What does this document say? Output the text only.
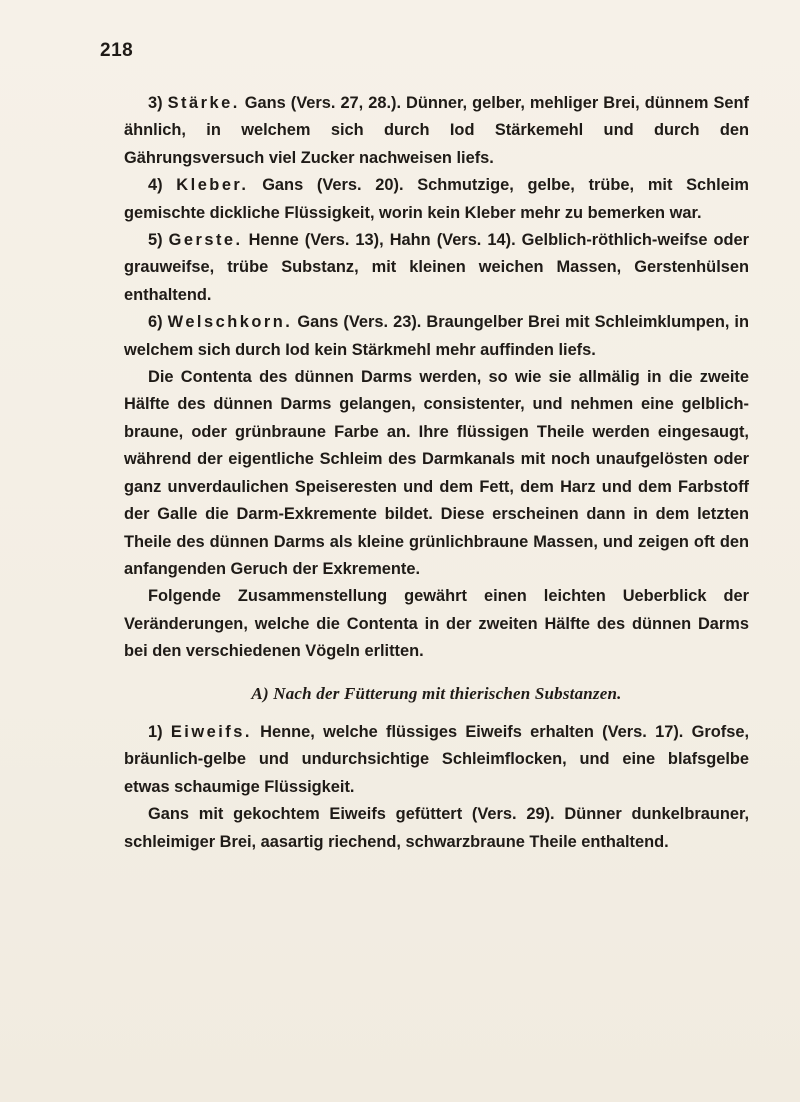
218

3) Stärke. Gans (Vers. 27, 28.). Dünner, gelber, mehliger Brei, dünnem Senf ähnlich, in welchem sich durch Iod Stärkemehl und durch den Gährungsversuch viel Zucker nachweisen liefs.

4) Kleber. Gans (Vers. 20). Schmutzige, gelbe, trübe, mit Schleim gemischte dickliche Flüssigkeit, worin kein Kleber mehr zu bemerken war.

5) Gerste. Henne (Vers. 13), Hahn (Vers. 14). Gelblich-röthlich-weifse oder grauweifse, trübe Substanz, mit kleinen weichen Massen, Gerstenhülsen enthaltend.

6) Welschkorn. Gans (Vers. 23). Braungelber Brei mit Schleimklumpen, in welchem sich durch Iod kein Stärkmehl mehr auffinden liefs.

Die Contenta des dünnen Darms werden, so wie sie allmälig in die zweite Hälfte des dünnen Darms gelangen, consistenter, und nehmen eine gelblich-braune, oder grünbraune Farbe an. Ihre flüssigen Theile werden eingesaugt, während der eigentliche Schleim des Darmkanals mit noch unaufgelösten oder ganz unverdaulichen Speiseresten und dem Fett, dem Harz und dem Farbstoff der Galle die Darm-Exkremente bildet. Diese erscheinen dann in dem letzten Theile des dünnen Darms als kleine grünlichbraune Massen, und zeigen oft den anfangenden Geruch der Exkremente.

Folgende Zusammenstellung gewährt einen leichten Ueberblick der Veränderungen, welche die Contenta in der zweiten Hälfte des dünnen Darms bei den verschiedenen Vögeln erlitten.

A) Nach der Fütterung mit thierischen Substanzen.

1) Eiweifs. Henne, welche flüssiges Eiweifs erhalten (Vers. 17). Grofse, bräunlich-gelbe und undurchsichtige Schleimflocken, und eine blafsgelbe etwas schaumige Flüssigkeit.

Gans mit gekochtem Eiweifs gefüttert (Vers. 29). Dünner dunkelbrauner, schleimiger Brei, aasartig riechend, schwarzbraune Theile enthaltend.
